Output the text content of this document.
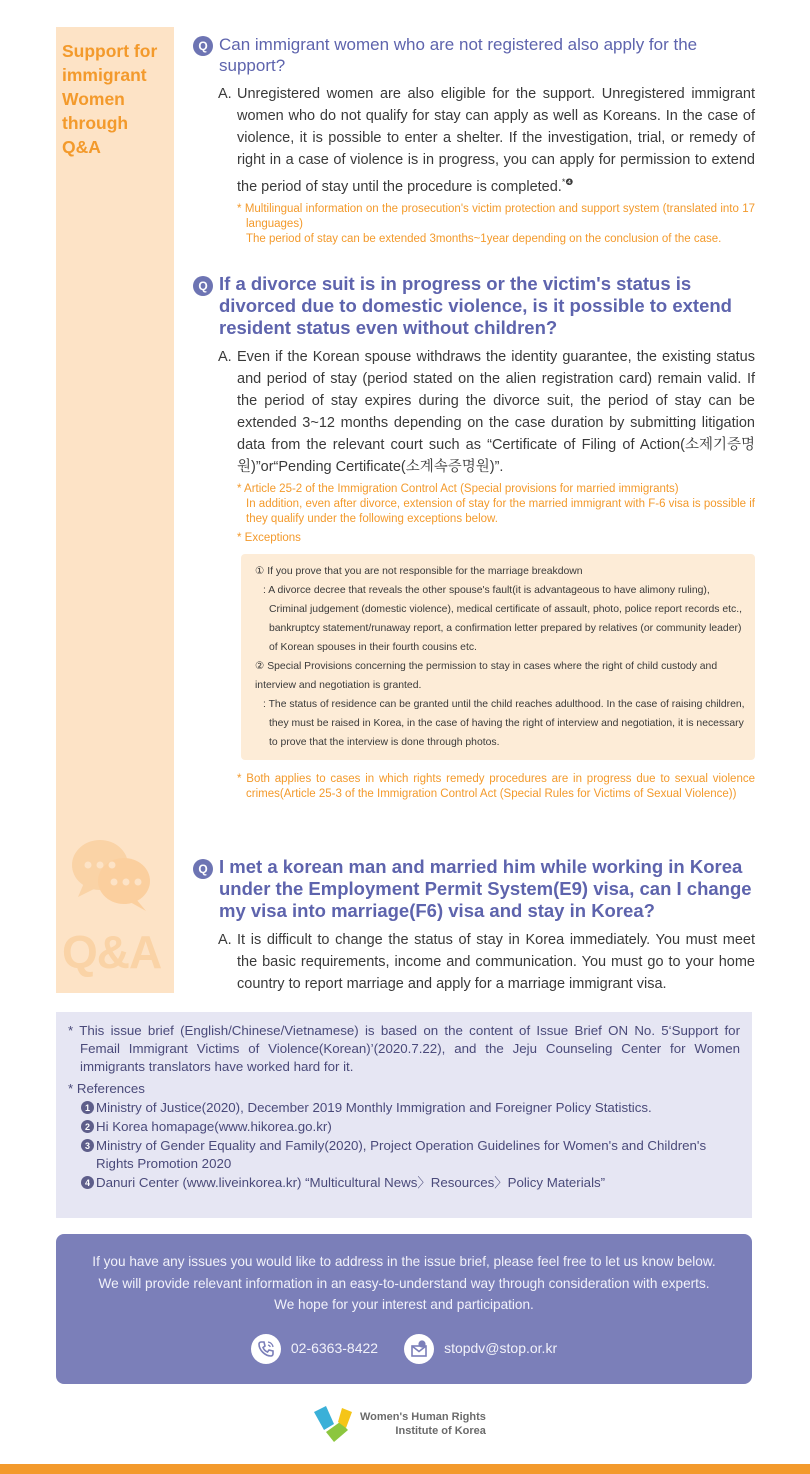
Support for immigrant Women through Q&A
Q&A
Q Can immigrant women who are not registered also apply for the support?
A. Unregistered women are also eligible for the support. Unregistered immigrant women who do not qualify for stay can apply as well as Koreans. In the case of violence, it is possible to enter a shelter. If the investigation, trial, or remedy of right in a case of violence is in progress, you can apply for permission to extend the period of stay until the procedure is completed.$^{*❹}$
* Multilingual information on the prosecution's victim protection and support system (translated into 17 languages)
The period of stay can be extended 3months~1year depending on the conclusion of the case.
Q If a divorce suit is in progress or the victim's status is divorced due to domestic violence, is it possible to extend resident status even without children?
A. Even if the Korean spouse withdraws the identity guarantee, the existing status and period of stay (period stated on the alien registration card) remain valid. If the period of stay expires during the divorce suit, the period of stay can be extended 3~12 months depending on the case duration by submitting litigation data from the relevant court such as “Certificate of Filing of Action(소제기증명원)”or“Pending Certificate(소계속증명원)”.
* Article 25-2 of the Immigration Control Act (Special provisions for married immigrants)
In addition, even after divorce, extension of stay for the married immigrant with F-6 visa is possible if they qualify under the following exceptions below.
* Exceptions
① If you prove that you are not responsible for the marriage breakdown
: A divorce decree that reveals the other spouse's fault(it is advantageous to have alimony ruling), Criminal judgement (domestic violence), medical certificate of assault, photo, police report records etc., bankruptcy statement/runaway report, a confirmation letter prepared by relatives (or community leader) of Korean spouses in their fourth cousins etc.
② Special Provisions concerning the permission to stay in cases where the right of child custody and interview and negotiation is granted.
: The status of residence can be granted until the child reaches adulthood. In the case of raising children, they must be raised in Korea, in the case of having the right of interview and negotiation, it is necessary to prove that the interview is done through photos.
* Both applies to cases in which rights remedy procedures are in progress due to sexual violence crimes(Article 25-3 of the Immigration Control Act (Special Rules for Victims of Sexual Violence))
Q I met a korean man and married him while working in Korea under the Employment Permit System(E9) visa, can I change my visa into marriage(F6) visa and stay in Korea?
A. It is difficult to change the status of stay in Korea immediately. You must meet the basic requirements, income and communication. You must go to your home country to report marriage and apply for a marriage immigrant visa.
* This issue brief (English/Chinese/Vietnamese) is based on the content of Issue Brief ON No. 5‘Support for Femail Immigrant Victims of Violence(Korean)’(2020.7.22), and the Jeju Counseling Center for Women immigrants translators have worked hard for it.
* References
1 Ministry of Justice(2020), December 2019 Monthly Immigration and Foreigner Policy Statistics.
2 Hi Korea homapage(www.hikorea.go.kr)
3 Ministry of Gender Equality and Family(2020), Project Operation Guidelines for Women's and Children's Rights Promotion 2020
4 Danuri Center (www.liveinkorea.kr) “Multicultural News〉Resources〉Policy Materials”
If you have any issues you would like to address in the issue brief, please feel free to let us know below.
We will provide relevant information in an easy-to-understand way through consideration with experts.
We hope for your interest and participation.
02-6363-8422	stopdv@stop.or.kr
Women's Human Rights
Institute of Korea
